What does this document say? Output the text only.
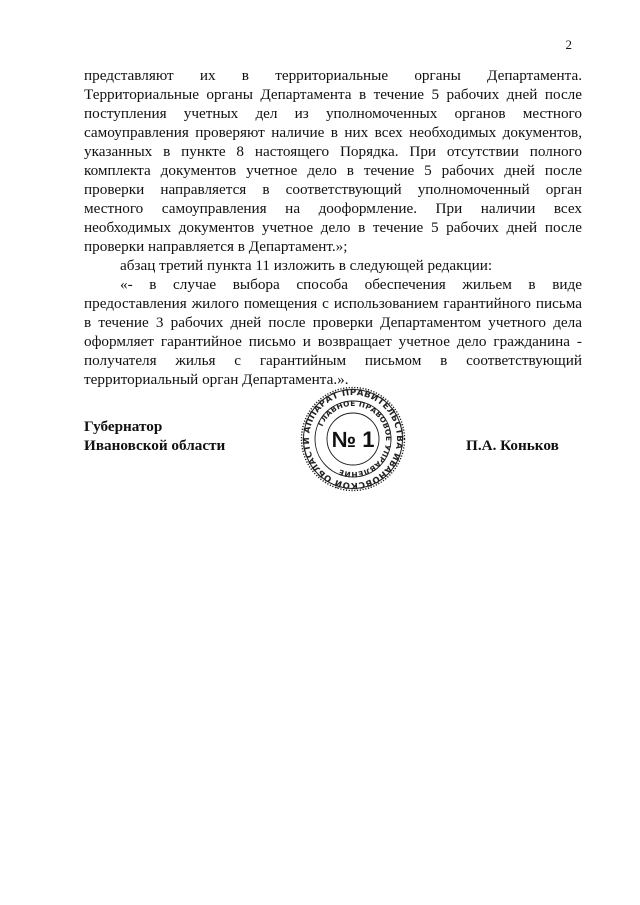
2

представляют их в территориальные органы Департамента. Территориальные органы Департамента в течение 5 рабочих дней после поступления учетных дел из уполномоченных органов местного самоуправления проверяют наличие в них всех необходимых документов, указанных в пункте 8 настоящего Порядка. При отсутствии полного комплекта документов учетное дело в течение 5 рабочих дней после проверки направляется в соответствующий уполномоченный орган местного самоуправления на дооформление. При наличии всех необходимых документов учетное дело в течение 5 рабочих дней после проверки направляется в Департамент.»;

абзац третий пункта 11 изложить в следующей редакции:

«- в случае выбора способа обеспечения жильем в виде предоставления жилого помещения с использованием гарантийного письма в течение 3 рабочих дней после проверки Департаментом учетного дела оформляет гарантийное письмо и возвращает учетное дело гражданина - получателя жилья с гарантийным письмом в соответствующий территориальный орган Департамента.».

Губернатор
Ивановской области
АППАРАТ ПРАВИТЕЛЬСТВА ИВАНОВСКОЙ ОБЛАСТИ
ГЛАВНОЕ ПРАВОВОЕ УПРАВЛЕНИЕ
№ 1	П.А. Коньков
